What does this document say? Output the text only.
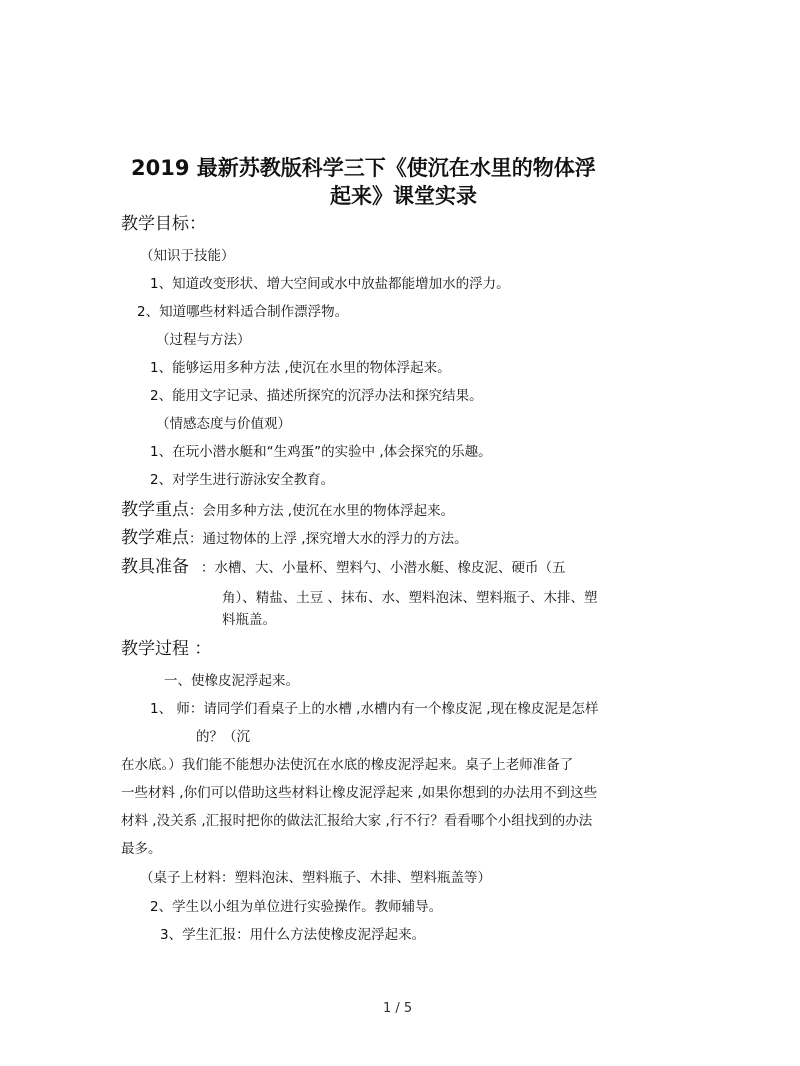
2019 最新苏教版科学三下《使沉在水里的物体浮
起来》课堂实录
教学目标：
（知识于技能）
1、知道改变形状、增大空间或水中放盐都能增加水的浮力。
2、知道哪些材料适合制作漂浮物。
（过程与方法）
1、能够运用多种方法 ,使沉在水里的物体浮起来。
2、能用文字记录、描述所探究的沉浮办法和探究结果。
（情感态度与价值观）
1、在玩小潜水艇和“生鸡蛋”的实验中 ,体会探究的乐趣。
2、对学生进行游泳安全教育。
教学重点：会用多种方法 ,使沉在水里的物体浮起来。
教学难点：通过物体的上浮 ,探究增大水的浮力的方法。
教具准备 ：水槽、大、小量杯、塑料勺、小潜水艇、橡皮泥、硬币（五
角）、精盐、土豆 、抹布、水、塑料泡沫、塑料瓶子、木排、塑
料瓶盖。
教学过程 ：
一、使橡皮泥浮起来。
1、 师：请同学们看桌子上的水槽 ,水槽内有一个橡皮泥 ,现在橡皮泥是怎样
的？（沉
在水底。）我们能不能想办法使沉在水底的橡皮泥浮起来。桌子上老师准备了
一些材料 ,你们可以借助这些材料让橡皮泥浮起来 ,如果你想到的办法用不到这些
材料 ,没关系 ,汇报时把你的做法汇报给大家 ,行不行？看看哪个小组找到的办法
最多。
（桌子上材料：塑料泡沫、塑料瓶子、木排、塑料瓶盖等）
2、学生以小组为单位进行实验操作。教师辅导。
3、学生汇报：用什么方法使橡皮泥浮起来。
1 / 5
